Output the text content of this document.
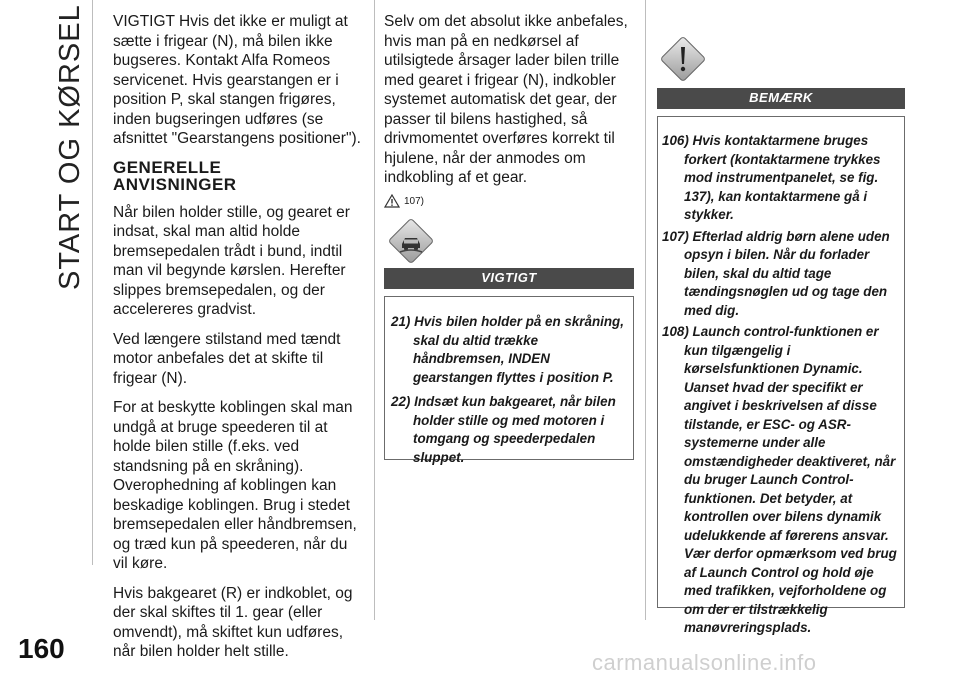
START OG KØRSEL
160

VIGTIGT Hvis det ikke er muligt at sætte i frigear (N), må bilen ikke bugseres. Kontakt Alfa Romeos servicenet. Hvis gearstangen er i position P, skal stangen frigøres, inden bugseringen udføres (se afsnittet "Gearstangens positioner").

GENERELLE
ANVISNINGER

Når bilen holder stille, og gearet er indsat, skal man altid holde bremsepedalen trådt i bund, indtil man vil begynde kørslen. Herefter slippes bremsepedalen, og der accelereres gradvist.

Ved længere stilstand med tændt motor anbefales det at skifte til frigear (N).

For at beskytte koblingen skal man undgå at bruge speederen til at holde bilen stille (f.eks. ved standsning på en skråning). Overophedning af koblingen kan beskadige koblingen. Brug i stedet bremsepedalen eller håndbremsen, og træd kun på speederen, når du vil køre.

Hvis bakgearet (R) er indkoblet, og der skal skiftes til 1. gear (eller omvendt), må skiftet kun udføres, når bilen holder helt stille.

Selv om det absolut ikke anbefales, hvis man på en nedkørsel af utilsigtede årsager lader bilen trille med gearet i frigear (N), indkobler systemet automatisk det gear, der passer til bilens hastighed, så drivmomentet overføres korrekt til hjulene, når der anmodes om indkobling af et gear.

107)
VIGTIGT
21) Hvis bilen holder på en skråning, skal du altid trække håndbremsen, INDEN gearstangen flyttes i position P.
22) Indsæt kun bakgearet, når bilen holder stille og med motoren i tomgang og speederpedalen sluppet.
BEMÆRK
106) Hvis kontaktarmene bruges forkert (kontaktarmene trykkes mod instrumentpanelet, se fig. 137), kan kontaktarmene gå i stykker.
107) Efterlad aldrig børn alene uden opsyn i bilen. Når du forlader bilen, skal du altid tage tændingsnøglen ud og tage den med dig.
108) Launch control-funktionen er kun tilgængelig i kørselsfunktionen Dynamic. Uanset hvad der specifikt er angivet i beskrivelsen af disse tilstande, er ESC- og ASR-systemerne under alle omstændigheder deaktiveret, når du bruger Launch Control-funktionen. Det betyder, at kontrollen over bilens dynamik udelukkende af førerens ansvar. Vær derfor opmærksom ved brug af Launch Control og hold øje med trafikken, vejforholdene og om der er tilstrækkelig manøvreringsplads.
carmanualsonline.info
